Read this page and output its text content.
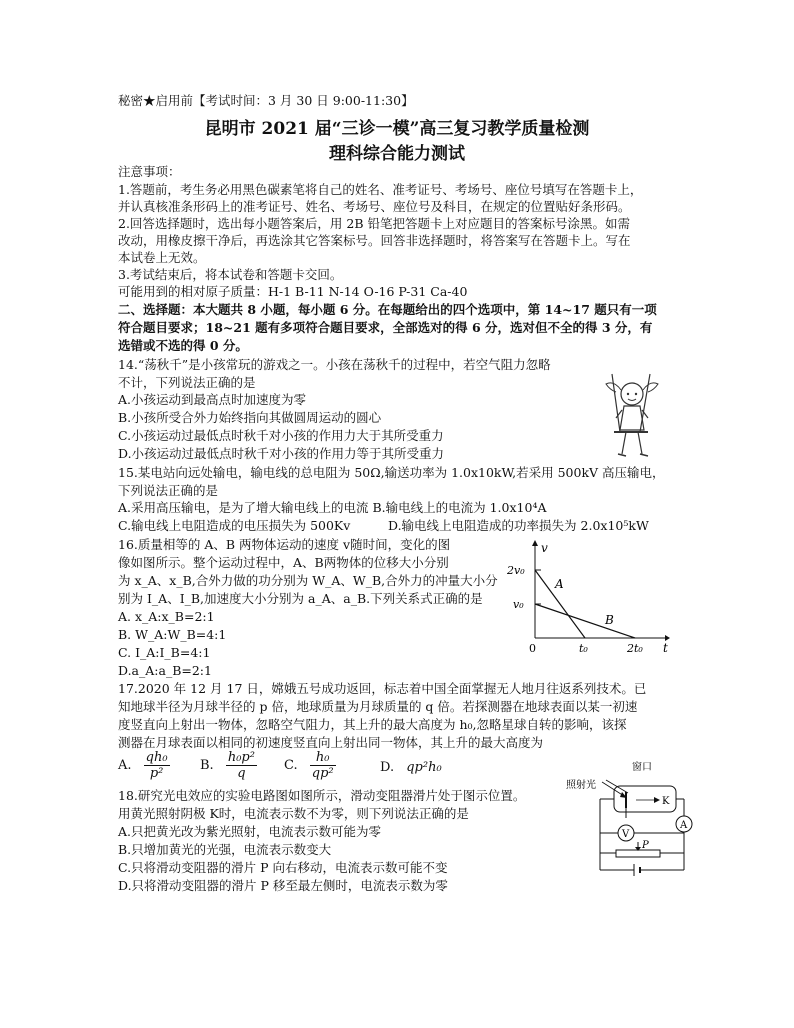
秘密★启用前【考试时间：3 月 30 日 9:00-11:30】
昆明市 2021 届“三诊一模”高三复习教学质量检测
理科综合能力测试
注意事项：
1.答题前，考生务必用黑色碳素笔将自己的姓名、准考证号、考场号、座位号填写在答题卡上，
并认真核准条形码上的准考证号、姓名、考场号、座位号及科目，在规定的位置贴好条形码。
2.回答选择题时，选出每小题答案后，用 2B 铅笔把答题卡上对应题目的答案标号涂黑。如需
改动，用橡皮擦干净后，再选涂其它答案标号。回答非选择题时，将答案写在答题卡上。写在
本试卷上无效。
3.考试结束后，将本试卷和答题卡交回。
可能用到的相对原子质量：H-1 B-11 N-14 O-16 P-31 Ca-40
二、选择题：本大题共 8 小题，每小题 6 分。在每题给出的四个选项中，第 14~17 题只有一项
符合题目要求；18~21 题有多项符合题目要求，全部选对的得 6 分，选对但不全的得 3 分，有
选错或不选的得 0 分。
14.“荡秋千”是小孩常玩的游戏之一。小孩在荡秋千的过程中，若空气阻力忽略
不计，下列说法正确的是
A.小孩运动到最高点时加速度为零
B.小孩所受合外力始终指向其做圆周运动的圆心
C.小孩运动过最低点时秋千对小孩的作用力大于其所受重力
D.小孩运动过最低点时秋千对小孩的作用力等于其所受重力
15.某电站向远处输电，输电线的总电阻为 50Ω,输送功率为 1.0x10kW,若采用 500kV 高压输电，
下列说法正确的是
A.采用高压输电，是为了增大输电线上的电流 B.输电线上的电流为 1.0x10⁴A
C.输电线上电阻造成的电压损失为 500Kv	D.输电线上电阻造成的功率损失为 2.0x10⁵kW
16.质量相等的 A、B 两物体运动的速度 v随时间，变化的图
像如图所示。整个运动过程中，A、B两物体的位移大小分别
为 x_A、x_B,合外力做的功分别为 W_A、W_B,合外力的冲量大小分
别为 I_A、I_B,加速度大小分别为 a_A、a_B.下列关系式正确的是
A. x_A:x_B=2:1
B. W_A:W_B=4:1
C. I_A:I_B=4:1
D.a_A:a_B=2:1
v
t
0
2v₀
v₀
t₀	2t₀
A
B
17.2020 年 12 月 17 日，嫦娥五号成功返回，标志着中国全面掌握无人地月往返系列技术。已
知地球半径为月球半径的 p 倍，地球质量为月球质量的 q 倍。若探测器在地球表面以某一初速
度竖直向上射出一物体，忽略空气阻力，其上升的最大高度为 h₀,忽略星球自转的影响，该探
测器在月球表面以相同的初速度竖直向上射出同一物体，其上升的最大高度为
A. $\frac{\text{qh₀}}{\text{p²}} B$. $\frac{\text{h₀p²}}{q} C$. $\frac{\text{h₀}}{\text{qp²}}$	D. qp²h₀
18.研究光电效应的实验电路图如图所示，滑动变阻器滑片处于图示位置。
用黄光照射阴极 K时，电流表示数不为零，则下列说法正确的是
A.只把黄光改为紫光照射，电流表示数可能为零
B.只增加黄光的光强，电流表示数变大
C.只将滑动变阻器的滑片 P 向右移动，电流表示数可能不变
D.只将滑动变阻器的滑片 P 移至最左侧时，电流表示数为零
照射光
窗口
K
A
V
P
